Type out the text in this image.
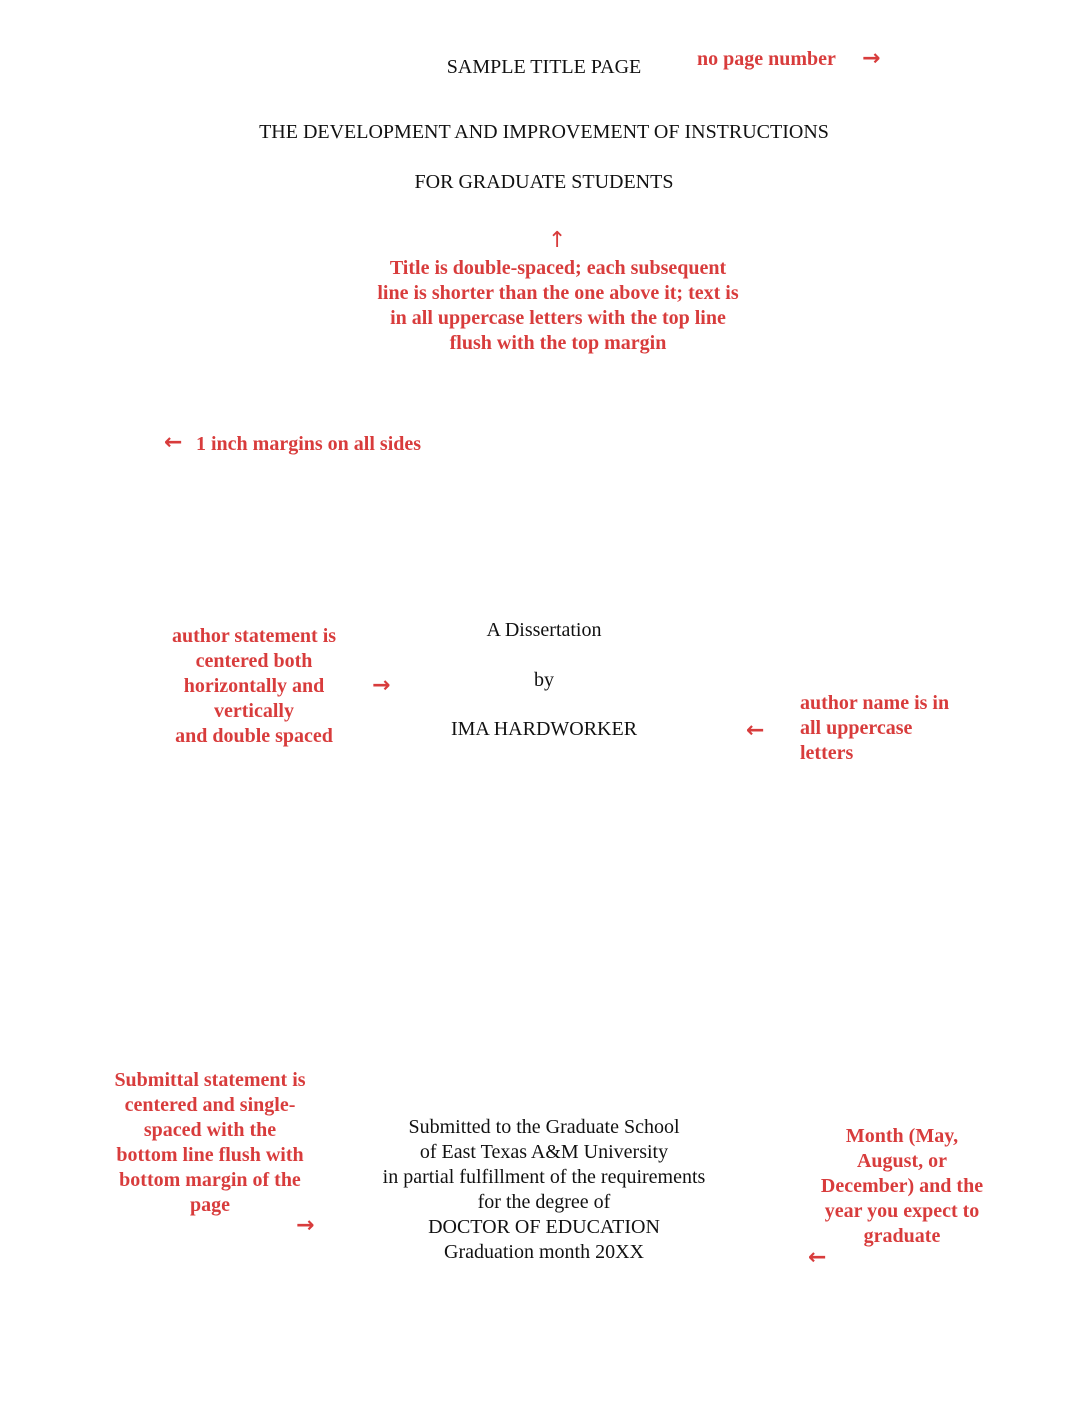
SAMPLE TITLE PAGE	no page number →
THE DEVELOPMENT AND IMPROVEMENT OF INSTRUCTIONS
FOR GRADUATE STUDENTS
↑
Title is double-spaced; each subsequent
line is shorter than the one above it; text is
in all uppercase letters with the top line
flush with the top margin
← 1 inch margins on all sides
author statement is
centered both
horizontally and
vertically
and double spaced
→
A Dissertation
by
IMA HARDWORKER	←
author name is in
all uppercase
letters
Submittal statement is
centered and single-
spaced with the
bottom line flush with
bottom margin of the
page
→
Submitted to the Graduate School
of East Texas A&M University
in partial fulfillment of the requirements
for the degree of
DOCTOR OF EDUCATION
Graduation month 20XX
Month (May,
August, or
December) and the
year you expect to
graduate
←
